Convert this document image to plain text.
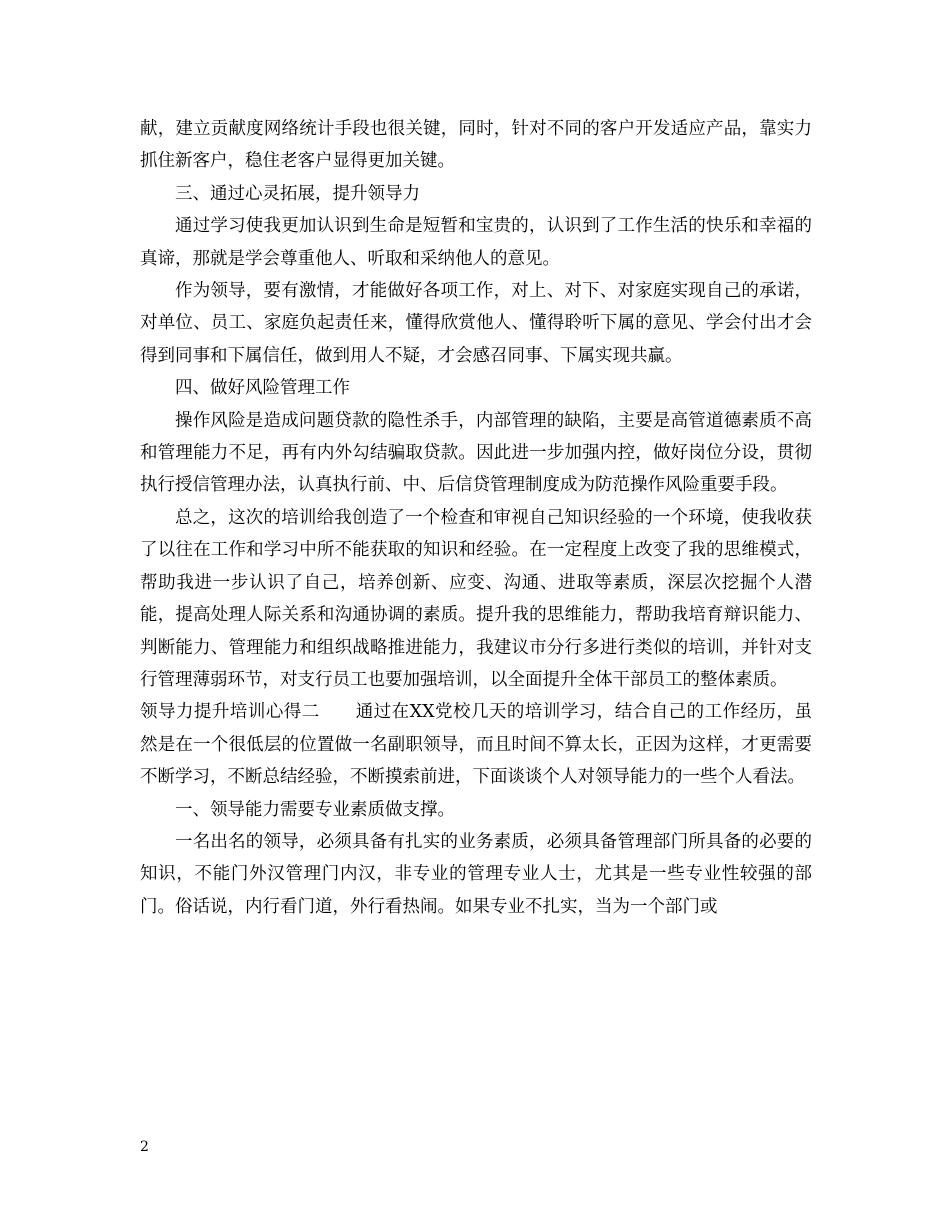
献，建立贡献度网络统计手段也很关键，同时，针对不同的客户开发适应产品，靠实力抓住新客户，稳住老客户显得更加关键。

三、通过心灵拓展，提升领导力

通过学习使我更加认识到生命是短暂和宝贵的，认识到了工作生活的快乐和幸福的真谛，那就是学会尊重他人、听取和采纳他人的意见。

作为领导，要有激情，才能做好各项工作，对上、对下、对家庭实现自己的承诺，对单位、员工、家庭负起责任来，懂得欣赏他人、懂得聆听下属的意见、学会付出才会得到同事和下属信任，做到用人不疑，才会感召同事、下属实现共赢。

四、做好风险管理工作

操作风险是造成问题贷款的隐性杀手，内部管理的缺陷，主要是高管道德素质不高和管理能力不足，再有内外勾结骗取贷款。因此进一步加强内控，做好岗位分设，贯彻执行授信管理办法，认真执行前、中、后信贷管理制度成为防范操作风险重要手段。

总之，这次的培训给我创造了一个检查和审视自己知识经验的一个环境，使我收获了以往在工作和学习中所不能获取的知识和经验。在一定程度上改变了我的思维模式，帮助我进一步认识了自己，培养创新、应变、沟通、进取等素质，深层次挖掘个人潜能，提高处理人际关系和沟通协调的素质。提升我的思维能力，帮助我培育辩识能力、判断能力、管理能力和组织战略推进能力，我建议市分行多进行类似的培训，并针对支行管理薄弱环节，对支行员工也要加强培训，以全面提升全体干部员工的整体素质。

领导力提升培训心得二　　通过在XX党校几天的培训学习，结合自己的工作经历，虽然是在一个很低层的位置做一名副职领导，而且时间不算太长，正因为这样，才更需要不断学习，不断总结经验，不断摸索前进，下面谈谈个人对领导能力的一些个人看法。

一、领导能力需要专业素质做支撑。

一名出名的领导，必须具备有扎实的业务素质，必须具备管理部门所具备的必要的知识，不能门外汉管理门内汉，非专业的管理专业人士，尤其是一些专业性较强的部门。俗话说，内行看门道，外行看热闹。如果专业不扎实，当为一个部门或

2
